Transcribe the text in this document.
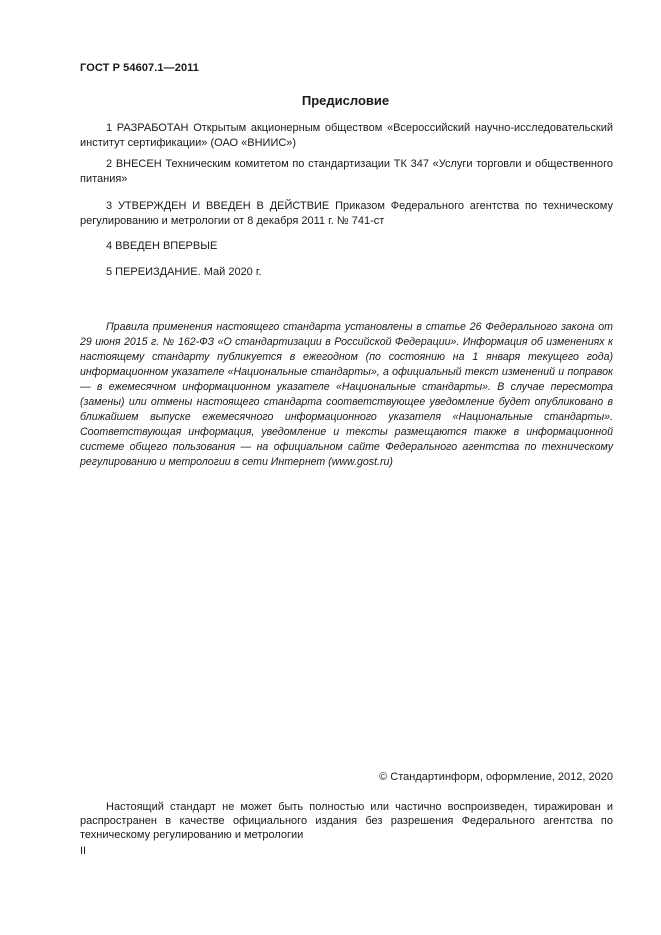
ГОСТ Р 54607.1—2011
Предисловие
1 РАЗРАБОТАН Открытым акционерным обществом «Всероссийский научно-исследовательский институт сертификации» (ОАО «ВНИИС»)
2 ВНЕСЕН Техническим комитетом по стандартизации ТК 347 «Услуги торговли и общественного питания»
3 УТВЕРЖДЕН И ВВЕДЕН В ДЕЙСТВИЕ Приказом Федерального агентства по техническому регулированию и метрологии от 8 декабря 2011 г. № 741-ст
4 ВВЕДЕН ВПЕРВЫЕ
5 ПЕРЕИЗДАНИЕ. Май 2020 г.
Правила применения настоящего стандарта установлены в статье 26 Федерального закона от 29 июня 2015 г. № 162-ФЗ «О стандартизации в Российской Федерации». Информация об изменениях к настоящему стандарту публикуется в ежегодном (по состоянию на 1 января текущего года) информационном указателе «Национальные стандарты», а официальный текст изменений и поправок — в ежемесячном информационном указателе «Национальные стандарты». В случае пересмотра (замены) или отмены настоящего стандарта соответствующее уведомление будет опубликовано в ближайшем выпуске ежемесячного информационного указателя «Национальные стандарты». Соответствующая информация, уведомление и тексты размещаются также в информационной системе общего пользования — на официальном сайте Федерального агентства по техническому регулированию и метрологии в сети Интернет (www.gost.ru)
© Стандартинформ, оформление, 2012, 2020
Настоящий стандарт не может быть полностью или частично воспроизведен, тиражирован и распространен в качестве официального издания без разрешения Федерального агентства по техническому регулированию и метрологии
II
